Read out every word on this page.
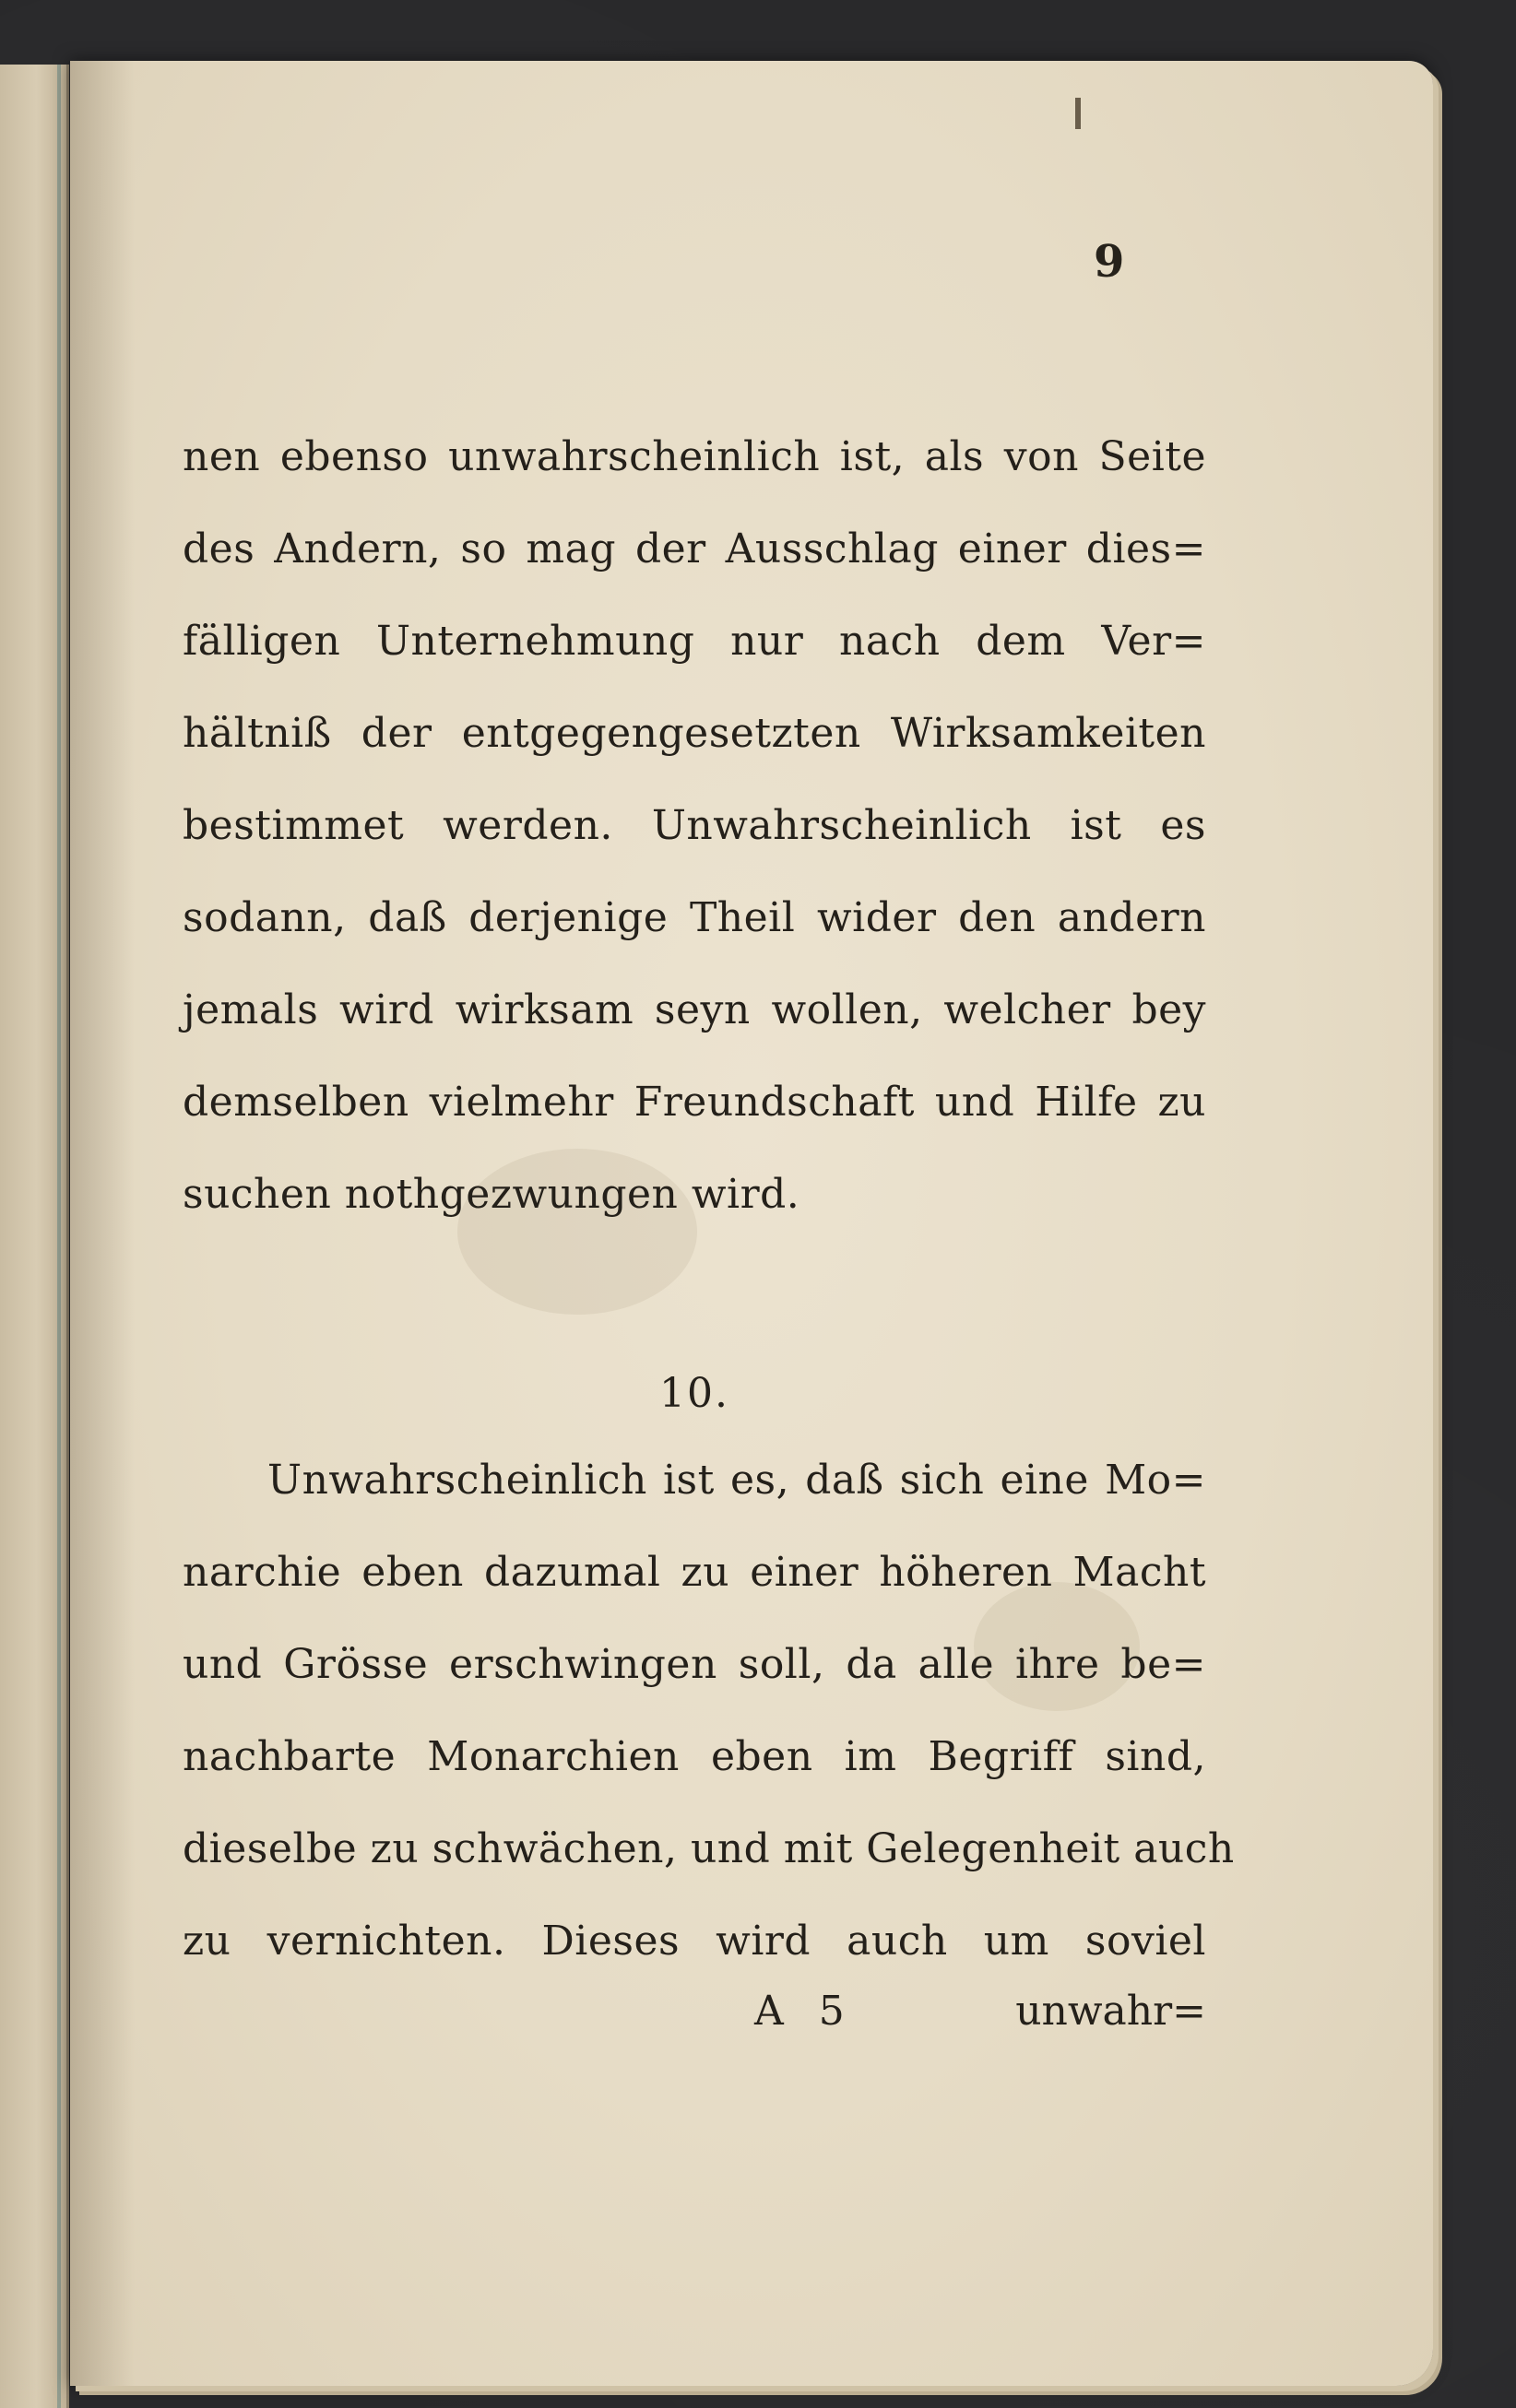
9
nen ebenso unwahrscheinlich ist, als von Seite
des Andern, so mag der Ausschlag einer dies=
fälligen Unternehmung nur nach dem Ver=
hältniß der entgegengesetzten Wirksamkeiten
bestimmet werden. Unwahrscheinlich ist es
sodann, daß derjenige Theil wider den andern
jemals wird wirksam seyn wollen, welcher bey
demselben vielmehr Freundschaft und Hilfe zu
suchen nothgezwungen wird.
10.
Unwahrscheinlich ist es, daß sich eine Mo=
narchie eben dazumal zu einer höheren Macht
und Grösse erschwingen soll, da alle ihre be=
nachbarte Monarchien eben im Begriff sind,
dieselbe zu schwächen, und mit Gelegenheit auch
zu vernichten. Dieses wird auch um soviel
A 5	unwahr=
